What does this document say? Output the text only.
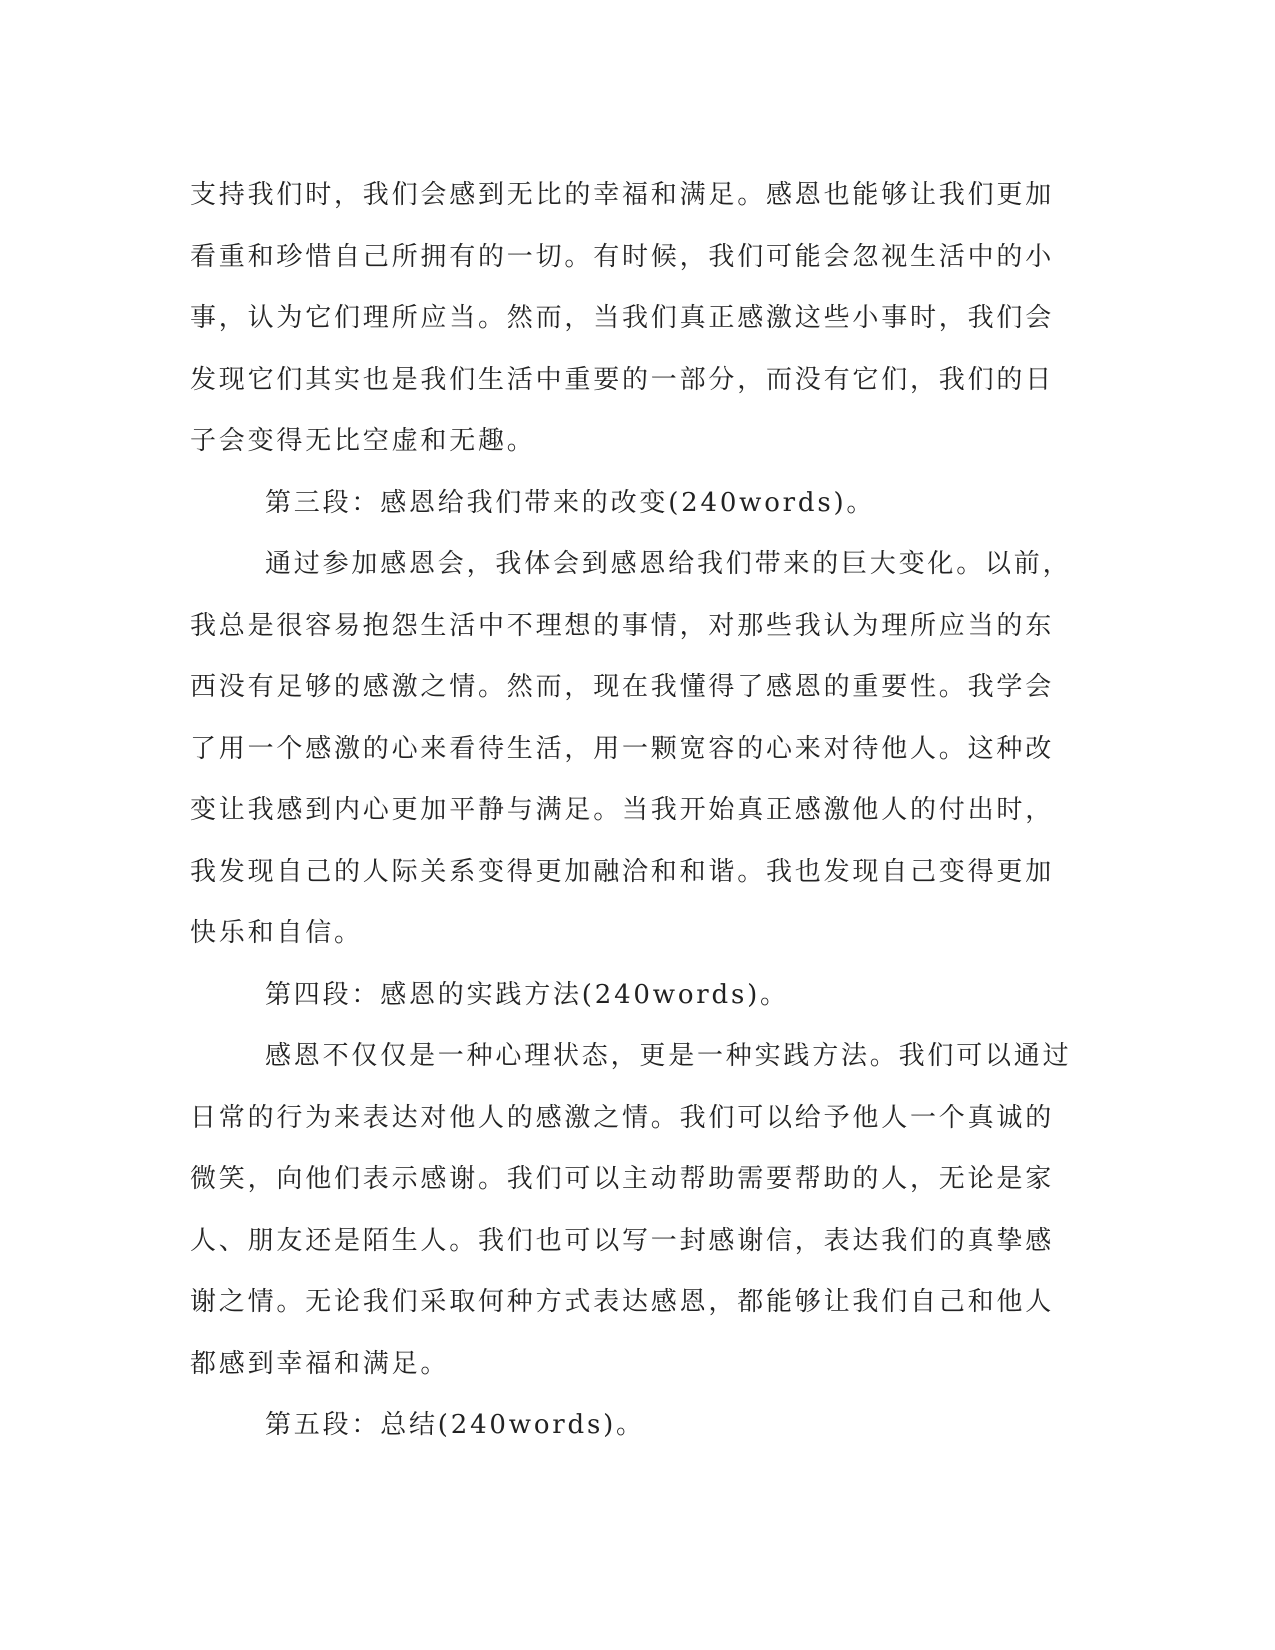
支持我们时，我们会感到无比的幸福和满足。感恩也能够让我们更加
看重和珍惜自己所拥有的一切。有时候，我们可能会忽视生活中的小
事，认为它们理所应当。然而，当我们真正感激这些小事时，我们会
发现它们其实也是我们生活中重要的一部分，而没有它们，我们的日
子会变得无比空虚和无趣。
第三段：感恩给我们带来的改变(240words)。
通过参加感恩会，我体会到感恩给我们带来的巨大变化。以前，
我总是很容易抱怨生活中不理想的事情，对那些我认为理所应当的东
西没有足够的感激之情。然而，现在我懂得了感恩的重要性。我学会
了用一个感激的心来看待生活，用一颗宽容的心来对待他人。这种改
变让我感到内心更加平静与满足。当我开始真正感激他人的付出时，
我发现自己的人际关系变得更加融洽和和谐。我也发现自己变得更加
快乐和自信。
第四段：感恩的实践方法(240words)。
感恩不仅仅是一种心理状态，更是一种实践方法。我们可以通过
日常的行为来表达对他人的感激之情。我们可以给予他人一个真诚的
微笑，向他们表示感谢。我们可以主动帮助需要帮助的人，无论是家
人、朋友还是陌生人。我们也可以写一封感谢信，表达我们的真挚感
谢之情。无论我们采取何种方式表达感恩，都能够让我们自己和他人
都感到幸福和满足。
第五段：总结(240words)。
